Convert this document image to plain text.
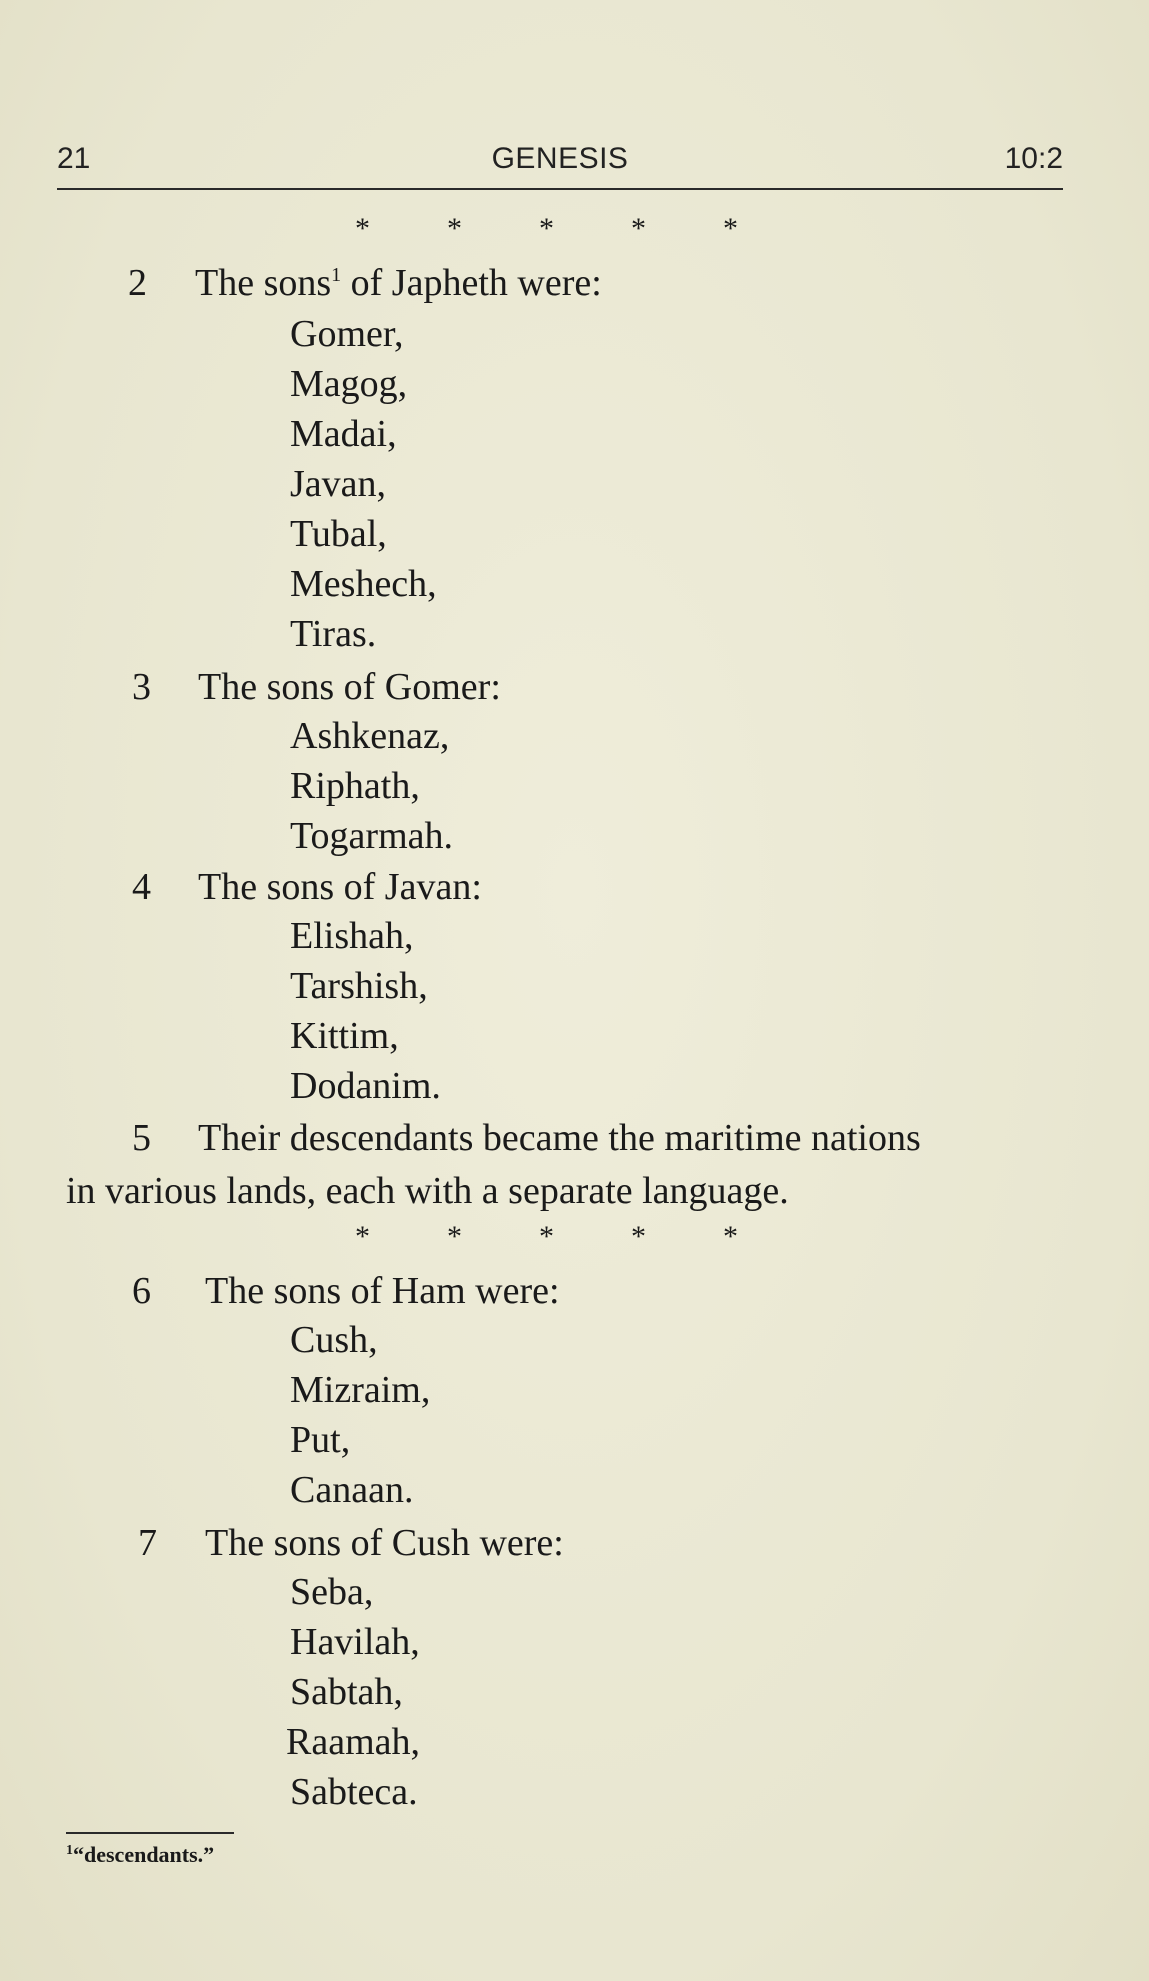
21	GENESIS	10:2
*	*	*	*	*
2 The sons$^1$ of Japheth were:
Gomer,
Magog,
Madai,
Javan,
Tubal,
Meshech,
Tiras.
3 The sons of Gomer:
Ashkenaz,
Riphath,
Togarmah.
4 The sons of Javan:
Elishah,
Tarshish,
Kittim,
Dodanim.
5 Their descendants became the maritime nations
in various lands, each with a separate language.
*	*	*	*	*
6 The sons of Ham were:
Cush,
Mizraim,
Put,
Canaan.
7 The sons of Cush were:
Seba,
Havilah,
Sabtah,
Raamah,
Sabteca.
$^1$“descendants.”
